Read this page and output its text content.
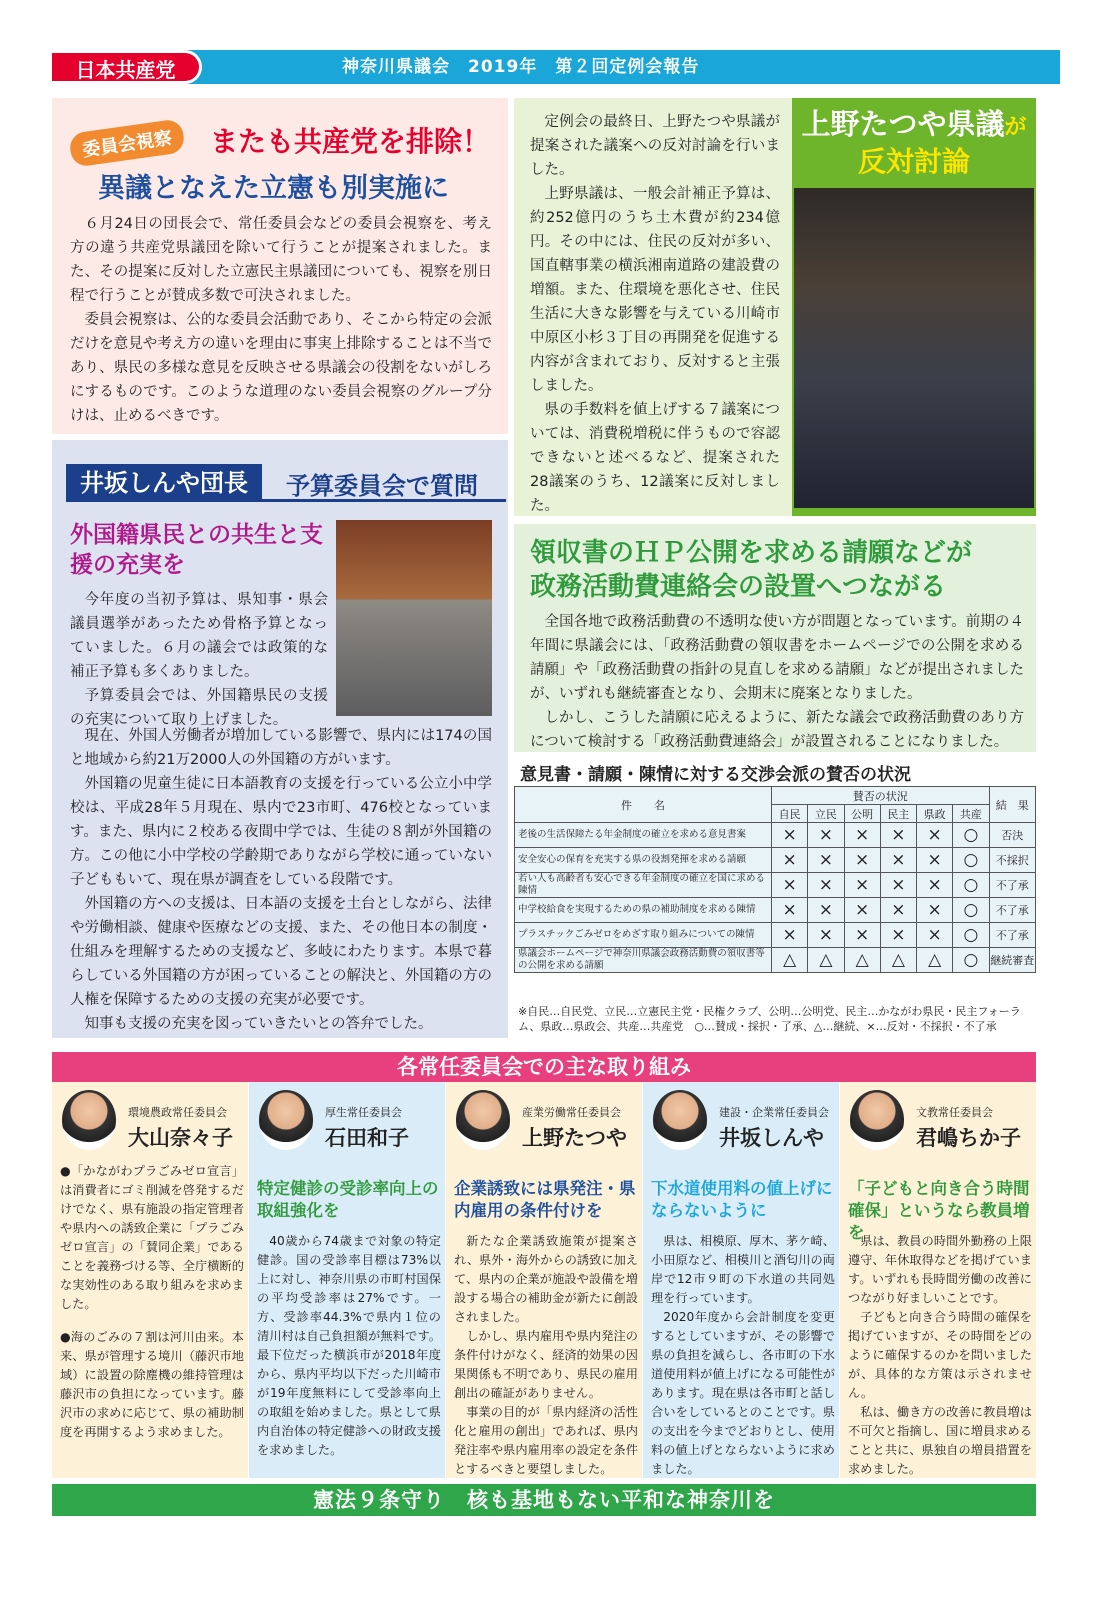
日本共産党	神奈川県議会　2019年　第２回定例会報告
委員会視察	またも共産党を排除！
異議となえた立憲も別実施に

６月24日の団長会で、常任委員会などの委員会視察を、考え方の違う共産党県議団を除いて行うことが提案されました。また、その提案に反対した立憲民主県議団についても、視察を別日程で行うことが賛成多数で可決されました。

委員会視察は、公的な委員会活動であり、そこから特定の会派だけを意見や考え方の違いを理由に事実上排除することは不当であり、県民の多様な意見を反映させる県議会の役割をないがしろにするものです。このような道理のない委員会視察のグループ分けは、止めるべきです。

井坂しんや団長	予算委員会で質問
外国籍県民との共生と支援の充実を

今年度の当初予算は、県知事・県会議員選挙があったため骨格予算となっていました。６月の議会では政策的な補正予算も多くありました。

予算委員会では、外国籍県民の支援の充実について取り上げました。

現在、外国人労働者が増加している影響で、県内には174の国と地域から約21万2000人の外国籍の方がいます。

外国籍の児童生徒に日本語教育の支援を行っている公立小中学校は、平成28年５月現在、県内で23市町、476校となっています。また、県内に２校ある夜間中学では、生徒の８割が外国籍の方。この他に小中学校の学齢期でありながら学校に通っていない子どももいて、現在県が調査をしている段階です。

外国籍の方への支援は、日本語の支援を土台としながら、法律や労働相談、健康や医療などの支援、また、その他日本の制度・仕組みを理解するための支援など、多岐にわたります。本県で暮らしている外国籍の方が困っていることの解決と、外国籍の方の人権を保障するための支援の充実が必要です。

知事も支援の充実を図っていきたいとの答弁でした。

定例会の最終日、上野たつや県議が提案された議案への反対討論を行いました。

上野県議は、一般会計補正予算は、約252億円のうち土木費が約234億円。その中には、住民の反対が多い、国直轄事業の横浜湘南道路の建設費の増額。また、住環境を悪化させ、住民生活に大きな影響を与えている川崎市中原区小杉３丁目の再開発を促進する内容が含まれており、反対すると主張しました。

県の手数料を値上げする７議案については、消費税増税に伴うもので容認できないと述べるなど、提案された28議案のうち、12議案に反対しました。

上野たつや県議が
反対討論
領収書のＨＰ公開を求める請願などが
政務活動費連絡会の設置へつながる

全国各地で政務活動費の不透明な使い方が問題となっています。前期の４年間に県議会には、「政務活動費の領収書をホームページでの公開を求める請願」や「政務活動費の指針の見直しを求める請願」などが提出されましたが、いずれも継続審査となり、会期末に廃案となりました。

しかし、こうした請願に応えるように、新たな議会で政務活動費のあり方について検討する「政務活動費連絡会」が設置されることになりました。

意見書・請願・陳情に対する交渉会派の賛否の状況
件　　名	賛否の状況						結　果
	自民	立民	公明	民主	県政	共産	
老後の生活保障たる年金制度の確立を求める意見書案	×	×	×	×	×	○	否決
安全安心の保育を充実する県の役割発揮を求める請願	×	×	×	×	×	○	不採択
若い人も高齢者も安心できる年金制度の確立を国に求める陳情	×	×	×	×	×	○	不了承
中学校給食を実現するための県の補助制度を求める陳情	×	×	×	×	×	○	不了承
プラスチックごみゼロをめざす取り組みについての陳情	×	×	×	×	×	○	不了承
県議会ホームページで神奈川県議会政務活動費の領収書等の公開を求める請願	△	△	△	△	△	○	継続審査
※自民…自民党、立民…立憲民主党・民権クラブ、公明…公明党、民主…かながわ県民・民主フォーラム、県政…県政会、共産…共産党　○…賛成・採択・了承、△…継続、×…反対・不採択・不了承
各常任委員会での主な取り組み
環境農政常任委員会
大山奈々子

●「かながわプラごみゼロ宣言」は消費者にゴミ削減を啓発するだけでなく、県有施設の指定管理者や県内への誘致企業に「プラごみゼロ宣言」の「賛同企業」であることを義務づける等、全庁横断的な実効性のある取り組みを求めました。

●海のごみの７割は河川由来。本来、県が管理する境川（藤沢市地域）に設置の除塵機の維持管理は藤沢市の負担になっています。藤沢市の求めに応じて、県の補助制度を再開するよう求めました。

厚生常任委員会
石田和子
特定健診の受診率向上の取組強化を

40歳から74歳まで対象の特定健診。国の受診率目標は73%以上に対し、神奈川県の市町村国保の平均受診率は27%です。一方、受診率44.3%で県内１位の清川村は自己負担額が無料です。最下位だった横浜市が2018年度から、県内平均以下だった川崎市が19年度無料にして受診率向上の取組を始めました。県として県内自治体の特定健診への財政支援を求めました。

産業労働常任委員会
上野たつや
企業誘致には県発注・県内雇用の条件付けを

新たな企業誘致施策が提案され、県外・海外からの誘致に加えて、県内の企業が施設や設備を増設する場合の補助金が新たに創設されました。

しかし、県内雇用や県内発注の条件付けがなく、経済的効果の因果関係も不明であり、県民の雇用創出の確証がありません。

事業の目的が「県内経済の活性化と雇用の創出」であれば、県内発注率や県内雇用率の設定を条件とするべきと要望しました。

建設・企業常任委員会
井坂しんや
下水道使用料の値上げにならないように

県は、相模原、厚木、茅ケ崎、小田原など、相模川と酒匂川の両岸で12市９町の下水道の共同処理を行っています。

2020年度から会計制度を変更するとしていますが、その影響で県の負担を減らし、各市町の下水道使用料が値上げになる可能性があります。現在県は各市町と話し合いをしているとのことです。県の支出を今までどおりとし、使用料の値上げとならないように求めました。

文教常任委員会
君嶋ちか子
「子どもと向き合う時間確保」というなら教員増を

県は、教員の時間外勤務の上限遵守、年休取得などを掲げています。いずれも長時間労働の改善につながり好ましいことです。

子どもと向き合う時間の確保を掲げていますが、その時間をどのように確保するのかを問いましたが、具体的な方策は示されません。

私は、働き方の改善に教員増は不可欠と指摘し、国に増員求めることと共に、県独自の増員措置を求めました。

憲法９条守り　核も基地もない平和な神奈川を
